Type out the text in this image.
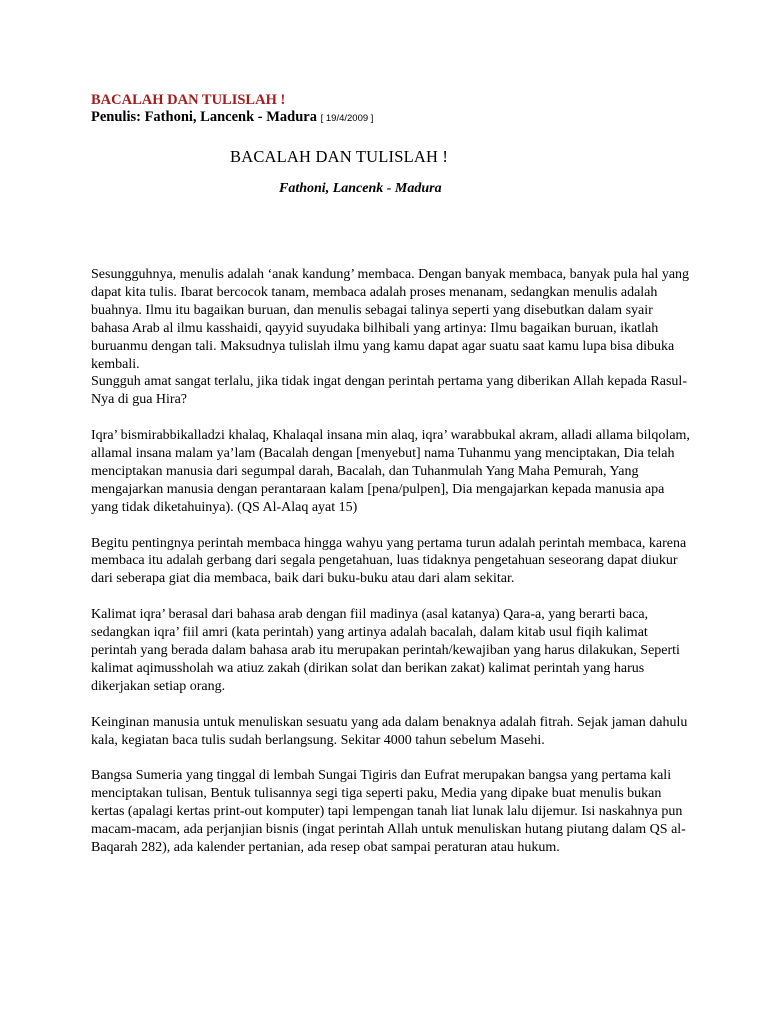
BACALAH DAN TULISLAH !

Penulis: Fathoni, Lancenk - Madura [ 19/4/2009 ]

BACALAH DAN TULISLAH !

Fathoni, Lancenk - Madura

Sesungguhnya, menulis adalah ‘anak kandung’ membaca. Dengan banyak membaca, banyak pula hal yang dapat kita tulis. Ibarat bercocok tanam, membaca adalah proses menanam, sedangkan menulis adalah buahnya. Ilmu itu bagaikan buruan, dan menulis sebagai talinya seperti yang disebutkan dalam syair bahasa Arab al ilmu kasshaidi, qayyid suyudaka bilhibali yang artinya: Ilmu bagaikan buruan, ikatlah buruanmu dengan tali. Maksudnya tulislah ilmu yang kamu dapat agar suatu saat kamu lupa bisa dibuka kembali.

Sungguh amat sangat terlalu, jika tidak ingat dengan perintah pertama yang diberikan Allah kepada Rasul-Nya di gua Hira?

Iqra’ bismirabbikalladzi khalaq, Khalaqal insana min alaq, iqra’ warabbukal akram, alladi allama bilqolam, allamal insana malam ya’lam (Bacalah dengan [menyebut] nama Tuhanmu yang menciptakan, Dia telah menciptakan manusia dari segumpal darah, Bacalah, dan Tuhanmulah Yang Maha Pemurah, Yang mengajarkan manusia dengan perantaraan kalam [pena/pulpen], Dia mengajarkan kepada manusia apa yang tidak diketahuinya). (QS Al-Alaq ayat 15)

Begitu pentingnya perintah membaca hingga wahyu yang pertama turun adalah perintah membaca, karena membaca itu adalah gerbang dari segala pengetahuan, luas tidaknya pengetahuan seseorang dapat diukur dari seberapa giat dia membaca, baik dari buku-buku atau dari alam sekitar.

Kalimat iqra’ berasal dari bahasa arab dengan fiil madinya (asal katanya) Qara-a, yang berarti baca, sedangkan iqra’ fiil amri (kata perintah) yang artinya adalah bacalah, dalam kitab usul fiqih kalimat perintah yang berada dalam bahasa arab itu merupakan perintah/kewajiban yang harus dilakukan, Seperti kalimat aqimussholah wa atiuz zakah (dirikan solat dan berikan zakat) kalimat perintah yang harus dikerjakan setiap orang.

Keinginan manusia untuk menuliskan sesuatu yang ada dalam benaknya adalah fitrah. Sejak jaman dahulu kala, kegiatan baca tulis sudah berlangsung. Sekitar 4000 tahun sebelum Masehi.

Bangsa Sumeria yang tinggal di lembah Sungai Tigiris dan Eufrat merupakan bangsa yang pertama kali menciptakan tulisan, Bentuk tulisannya segi tiga seperti paku, Media yang dipake buat menulis bukan kertas (apalagi kertas print-out komputer) tapi lempengan tanah liat lunak lalu dijemur. Isi naskahnya pun macam-macam, ada perjanjian bisnis (ingat perintah Allah untuk menuliskan hutang piutang dalam QS al-Baqarah 282), ada kalender pertanian, ada resep obat sampai peraturan atau hukum.
